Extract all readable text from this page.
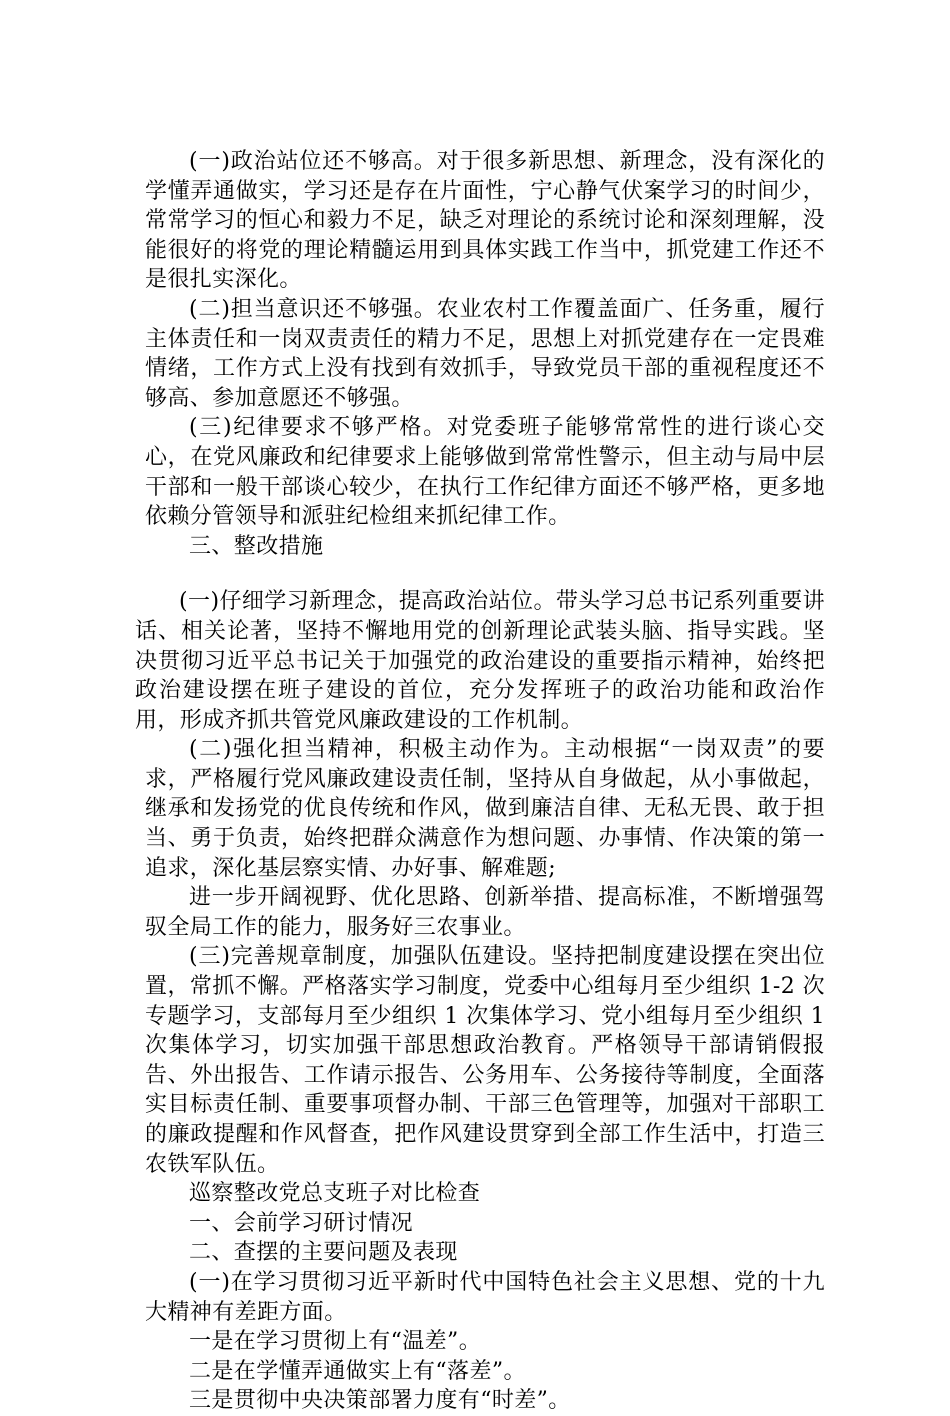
(一)政治站位还不够高。对于很多新思想、新理念，没有深化的学懂弄通做实，学习还是存在片面性，宁心静气伏案学习的时间少，常常学习的恒心和毅力不足，缺乏对理论的系统讨论和深刻理解，没能很好的将党的理论精髓运用到具体实践工作当中，抓党建工作还不是很扎实深化。

(二)担当意识还不够强。农业农村工作覆盖面广、任务重，履行主体责任和一岗双责责任的精力不足，思想上对抓党建存在一定畏难情绪，工作方式上没有找到有效抓手，导致党员干部的重视程度还不够高、参加意愿还不够强。

(三)纪律要求不够严格。对党委班子能够常常性的进行谈心交心，在党风廉政和纪律要求上能够做到常常性警示，但主动与局中层干部和一般干部谈心较少，在执行工作纪律方面还不够严格，更多地依赖分管领导和派驻纪检组来抓纪律工作。

三、整改措施

(一)仔细学习新理念，提高政治站位。带头学习总书记系列重要讲话、相关论著，坚持不懈地用党的创新理论武装头脑、指导实践。坚决贯彻习近平总书记关于加强党的政治建设的重要指示精神，始终把政治建设摆在班子建设的首位，充分发挥班子的政治功能和政治作用，形成齐抓共管党风廉政建设的工作机制。

(二)强化担当精神，积极主动作为。主动根据“一岗双责”的要求，严格履行党风廉政建设责任制，坚持从自身做起，从小事做起，继承和发扬党的优良传统和作风，做到廉洁自律、无私无畏、敢于担当、勇于负责，始终把群众满意作为想问题、办事情、作决策的第一追求，深化基层察实情、办好事、解难题;

进一步开阔视野、优化思路、创新举措、提高标准，不断增强驾驭全局工作的能力，服务好三农事业。

(三)完善规章制度，加强队伍建设。坚持把制度建设摆在突出位置，常抓不懈。严格落实学习制度，党委中心组每月至少组织 1-2 次专题学习，支部每月至少组织 1 次集体学习、党小组每月至少组织 1 次集体学习，切实加强干部思想政治教育。严格领导干部请销假报告、外出报告、工作请示报告、公务用车、公务接待等制度，全面落实目标责任制、重要事项督办制、干部三色管理等，加强对干部职工的廉政提醒和作风督查，把作风建设贯穿到全部工作生活中，打造三农铁军队伍。

巡察整改党总支班子对比检查

一、会前学习研讨情况

二、查摆的主要问题及表现

(一)在学习贯彻习近平新时代中国特色社会主义思想、党的十九大精神有差距方面。

一是在学习贯彻上有“温差”。

二是在学懂弄通做实上有“落差”。

三是贯彻中央决策部署力度有“时差”。
